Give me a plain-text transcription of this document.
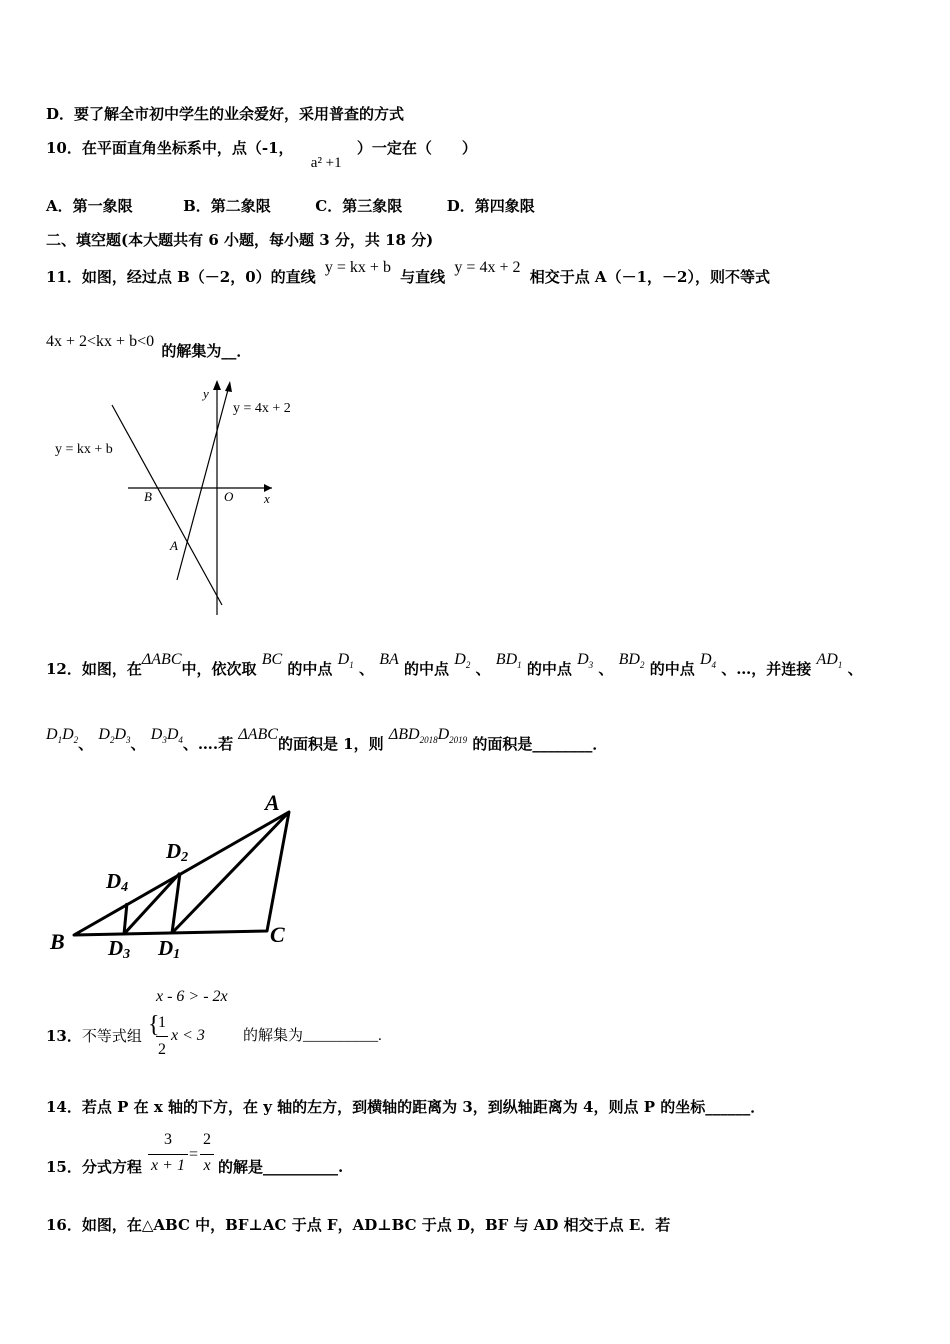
D．要了解全市初中学生的业余爱好，采用普查的方式
10．在平面直角坐标系中，点（-1， a² +1 ）一定在（　　）
A．第一象限	B．第二象限	C．第三象限	D．第四象限
二、填空题(本大题共有 6 小题，每小题 3 分，共 18 分)
11．如图，经过点 B（－2，0）的直线 y = kx + b 与直线 y = 4x + 2 相交于点 A（－1，－2），则不等式
4x + 2<kx + b<0 的解集为__．
y
y = 4x + 2
y = kx + b
B	O x
A
12．如图，在ΔABC中，依次取 BC 的中点 $D_1$ 、 BA 的中点 $D_2$ 、 $BD_1$ 的中点 $D_3$ 、 $BD_2$ 的中点 $D_4$ 、…，并连接 $AD_1$ 、
$D_1D_2$、 $D_2D_3$、 $D_3D_4$、….若 ΔABC的面积是 1，则 $\Delta BD_{2018}D_{2019}$ 的面积是________．
A
C
B
D2
D4
D3 D1
x - 6 > - 2x
13．不等式组 {
1
2
x < 3	的解集为__________.
14．若点 P 在 x 轴的下方，在 y 轴的左方，到横轴的距离为 3，到纵轴距离为 4，则点 P 的坐标______．
15．分式方程
3
x + 1
=
2
x 的解是__________.
16．如图，在△ABC 中，BF⊥AC 于点 F，AD⊥BC 于点 D，BF 与 AD 相交于点 E．若
